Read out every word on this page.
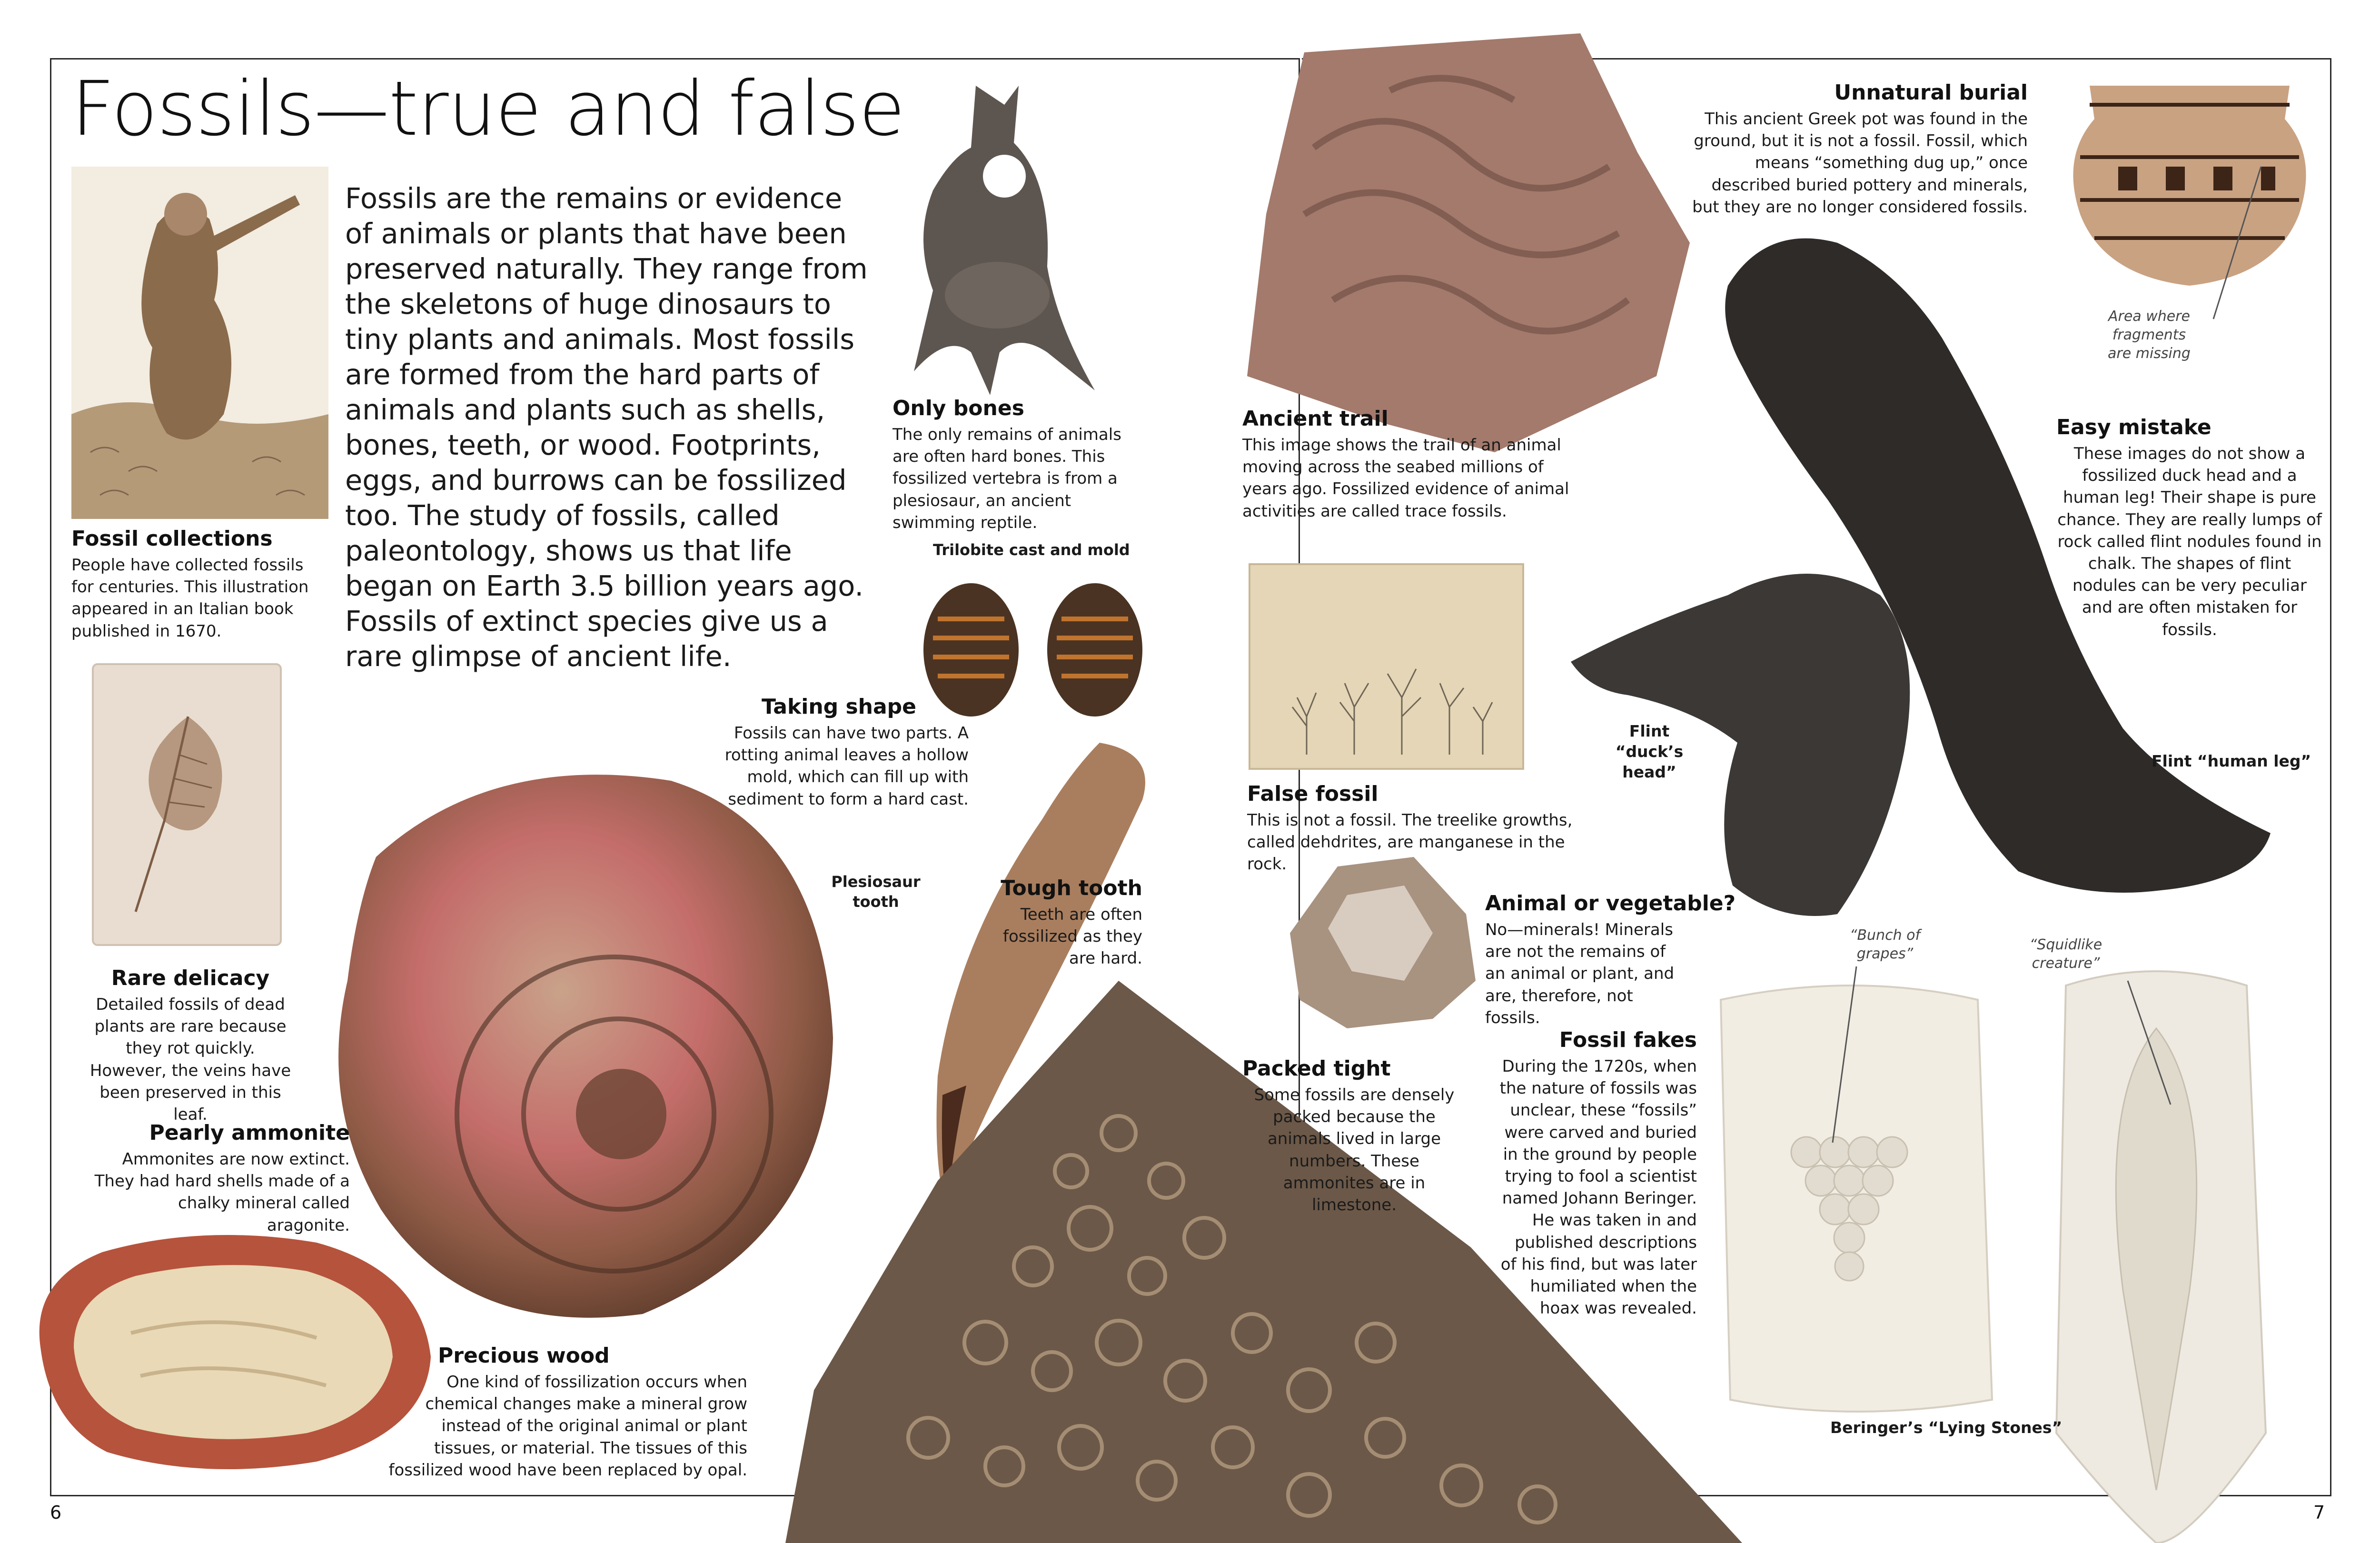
Fossils—true and false

Fossils are the remains or evidence of animals or plants that have been preserved naturally. They range from the skeletons of huge dinosaurs to tiny plants and animals. Most fossils are formed from the hard parts of animals and plants such as shells, bones, teeth, or wood. Footprints, eggs, and burrows can be fossilized too. The study of fossils, called paleontology, shows us that life began on Earth 3.5 billion years ago. Fossils of extinct species give us a rare glimpse of ancient life.

Fossil collections

People have collected fossils for centuries. This illustration appeared in an Italian book published in 1670.

Rare delicacy

Detailed fossils of dead plants are rare because they rot quickly. However, the veins have been preserved in this leaf.

Pearly ammonite

Ammonites are now extinct. They had hard shells made of a chalky mineral called aragonite.

Precious wood

One kind of fossilization occurs when chemical changes make a mineral grow instead of the original animal or plant tissues, or material. The tissues of this fossilized wood have been replaced by opal.

Only bones

The only remains of animals are often hard bones. This fossilized vertebra is from a plesiosaur, an ancient swimming reptile.

Trilobite cast and mold
Taking shape

Fossils can have two parts. A rotting animal leaves a hollow mold, which can fill up with sediment to form a hard cast.

Plesiosaur tooth
Tough tooth

Teeth are often fossilized as they are hard.

Ancient trail

This image shows the trail of an animal moving across the seabed millions of years ago. Fossilized evidence of animal activities are called trace fossils.

False fossil

This is not a fossil. The treelike growths, called dehdrites, are manganese in the rock.

Animal or vegetable?

No—minerals! Minerals are not the remains of an animal or plant, and are, therefore, not fossils.

Packed tight

Some fossils are densely packed because the animals lived in large numbers. These ammonites are in limestone.

Fossil fakes

During the 1720s, when the nature of fossils was unclear, these “fossils” were carved and buried in the ground by people trying to fool a scientist named Johann Beringer. He was taken in and published descriptions of his find, but was later humiliated when the hoax was revealed.

Unnatural burial

This ancient Greek pot was found in the ground, but it is not a fossil. Fossil, which means “something dug up,” once described buried pottery and minerals, but they are no longer considered fossils.

Area where fragments are missing
Easy mistake

These images do not show a fossilized duck head and a human leg! Their shape is pure chance. They are really lumps of rock called flint nodules found in chalk. The shapes of flint nodules can be very peculiar and are often mistaken for fossils.

Flint “duck’s head”
Flint “human leg”
“Bunch of grapes”
“Squidlike creature”
Beringer’s “Lying Stones”
6	7
